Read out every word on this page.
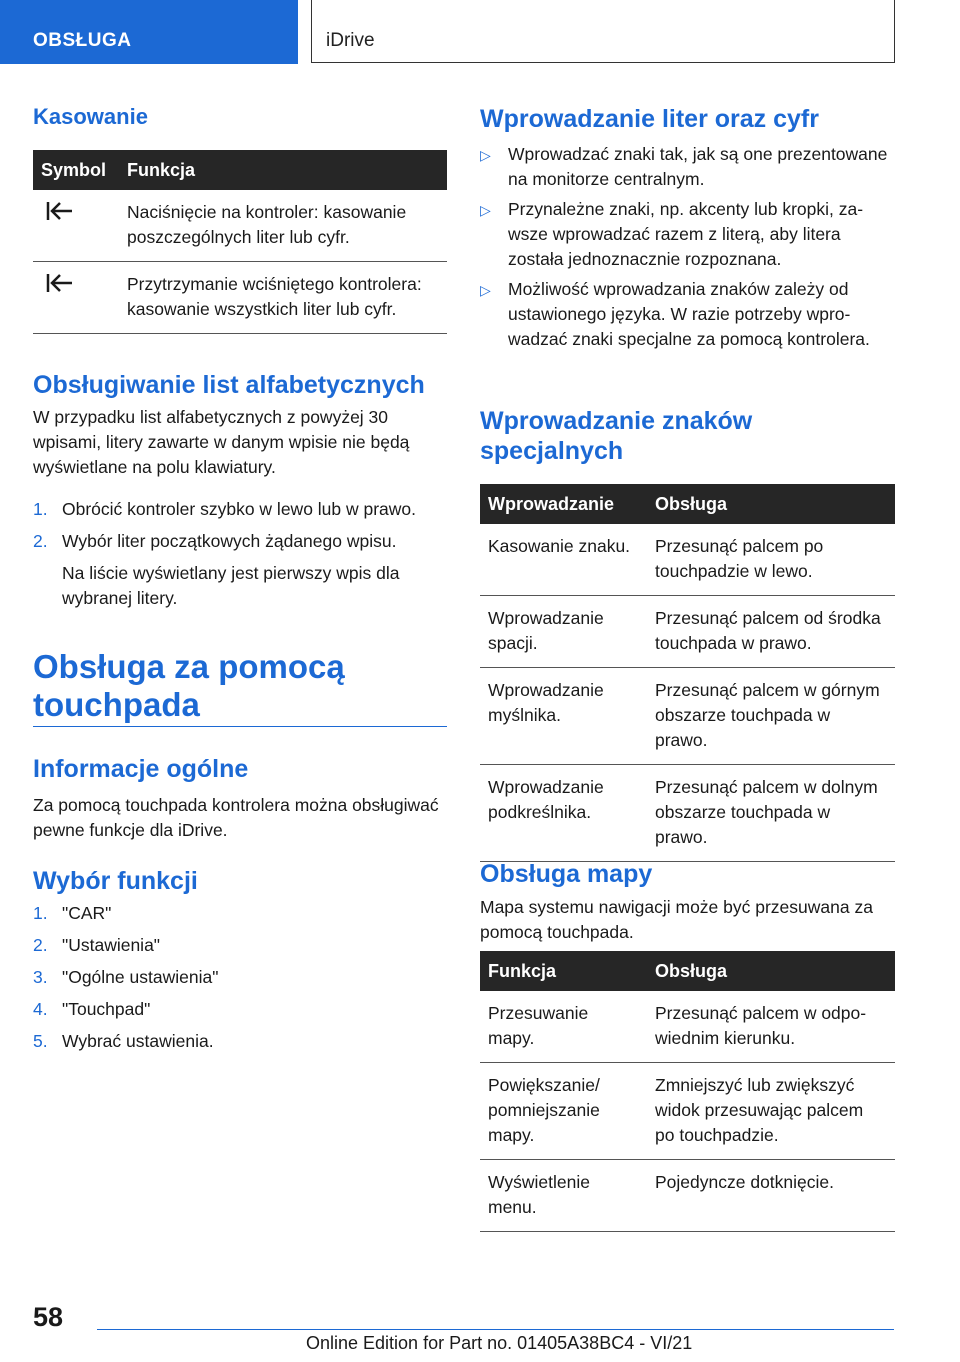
OBSŁUGA	iDrive
Kasowanie
Symbol	Funkcja
	Naciśnięcie na kontroler: kasowanie poszczególnych liter lub cyfr.
	Przytrzymanie wciśniętego kontrolera: kasowanie wszystkich liter lub cyfr.
Obsługiwanie list alfabetycznych

W przypadku list alfabetycznych z powyżej 30 wpisami, litery zawarte w danym wpisie nie będą wyświetlane na polu klawiatury.

1. Obrócić kontroler szybko w lewo lub w prawo.
2. Wybór liter początkowych żądanego wpisu.

Na liście wyświetlany jest pierwszy wpis dla wybranej litery.

Obsługa za pomocą touchpada
Informacje ogólne

Za pomocą touchpada kontrolera można obsługiwać pewne funkcje dla iDrive.

Wybór funkcji
1. "CAR"
2. "Ustawienia"
3. "Ogólne ustawienia"
4. "Touchpad"
5. Wybrać ustawienia.
Wprowadzanie liter oraz cyfr
▷ Wprowadzać znaki tak, jak są one prezentowane na monitorze centralnym.
▷ Przynależne znaki, np. akcenty lub kropki, zawsze wprowadzać razem z literą, aby litera została jednoznacznie rozpoznana.
▷ Możliwość wprowadzania znaków zależy od ustawionego języka. W razie potrzeby wprowadzać znaki specjalne za pomocą kontrolera.
Wprowadzanie znaków specjalnych
Wprowadzanie	Obsługa
Kasowanie znaku.	Przesunąć palcem po touchpadzie w lewo.
Wprowadzanie spacji.	Przesunąć palcem od środka touchpada w prawo.
Wprowadzanie myślnika.	Przesunąć palcem w górnym obszarze touchpada w prawo.
Wprowadzanie podkreślnika.	Przesunąć palcem w dolnym obszarze touchpada w prawo.
Obsługa mapy

Mapa systemu nawigacji może być przesuwana za pomocą touchpada.

Funkcja	Obsługa
Przesuwanie mapy.	Przesunąć palcem w odpowiednim kierunku.
Powiększanie/ pomniejszanie mapy.	Zmniejszyć lub zwiększyć widok przesuwając palcem po touchpadzie.
Wyświetlenie menu.	Pojedyncze dotknięcie.
58
Online Edition for Part no. 01405A38BC4 - VI/21
